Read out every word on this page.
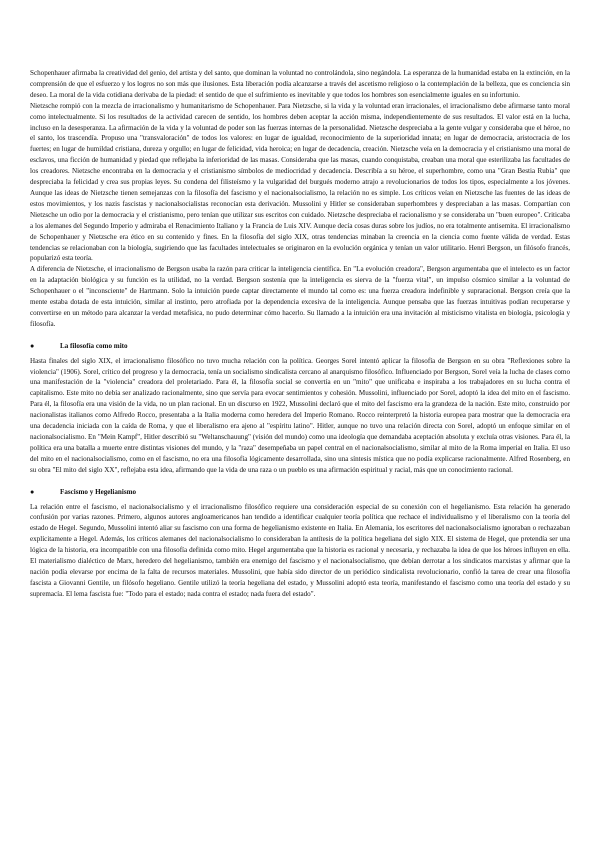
Schopenhauer afirmaba la creatividad del genio, del artista y del santo, que dominan la voluntad no controlándola, sino negándola. La esperanza de la humanidad estaba en la extinción, en la comprensión de que el esfuerzo y los logros no son más que ilusiones. Esta liberación podía alcanzarse a través del ascetismo religioso o la contemplación de la belleza, que es conciencia sin deseo. La moral de la vida cotidiana derivaba de la piedad: el sentido de que el sufrimiento es inevitable y que todos los hombres son esencialmente iguales en su infortunio.

Nietzsche rompió con la mezcla de irracionalismo y humanitarismo de Schopenhauer. Para Nietzsche, si la vida y la voluntad eran irracionales, el irracionalismo debe afirmarse tanto moral como intelectualmente. Si los resultados de la actividad carecen de sentido, los hombres deben aceptar la acción misma, independientemente de sus resultados. El valor está en la lucha, incluso en la desesperanza. La afirmación de la vida y la voluntad de poder son las fuerzas internas de la personalidad. Nietzsche despreciaba a la gente vulgar y consideraba que el héroe, no el santo, los trascendía. Propuso una "transvaloración" de todos los valores: en lugar de igualdad, reconocimiento de la superioridad innata; en lugar de democracia, aristocracia de los fuertes; en lugar de humildad cristiana, dureza y orgullo; en lugar de felicidad, vida heroica; en lugar de decadencia, creación. Nietzsche veía en la democracia y el cristianismo una moral de esclavos, una ficción de humanidad y piedad que reflejaba la inferioridad de las masas. Consideraba que las masas, cuando conquistaba, creaban una moral que esterilizaba las facultades de los creadores. Nietzsche encontraba en la democracia y el cristianismo símbolos de mediocridad y decadencia. Describía a su héroe, el superhombre, como una "Gran Bestia Rubia" que despreciaba la felicidad y crea sus propias leyes. Su condena del filisteísmo y la vulgaridad del burgués moderno atrajo a revolucionarios de todos los tipos, especialmente a los jóvenes. Aunque las ideas de Nietzsche tienen semejanzas con la filosofía del fascismo y el nacionalsocialismo, la relación no es simple. Los críticos veían en Nietzsche las fuentes de las ideas de estos movimientos, y los nazis fascistas y nacionalsocialistas reconocían esta derivación. Mussolini y Hitler se consideraban superhombres y despreciaban a las masas. Compartían con Nietzsche un odio por la democracia y el cristianismo, pero tenían que utilizar sus escritos con cuidado. Nietzsche despreciaba el racionalismo y se consideraba un "buen europeo". Criticaba a los alemanes del Segundo Imperio y admiraba el Renacimiento Italiano y la Francia de Luis XIV. Aunque decía cosas duras sobre los judíos, no era totalmente antisemita. El irracionalismo de Schopenhauer y Nietzsche era ético en su contenido y fines. En la filosofía del siglo XIX, otras tendencias minaban la creencia en la ciencia como fuente válida de verdad. Estas tendencias se relacionaban con la biología, sugiriendo que las facultades intelectuales se originaron en la evolución orgánica y tenían un valor utilitario. Henri Bergson, un filósofo francés, popularizó esta teoría.

A diferencia de Nietzsche, el irracionalismo de Bergson usaba la razón para criticar la inteligencia científica. En "La evolución creadora", Bergson argumentaba que el intelecto es un factor en la adaptación biológica y su función es la utilidad, no la verdad. Bergson sostenía que la inteligencia es sierva de la "fuerza vital", un impulso cósmico similar a la voluntad de Schopenhauer o el "inconsciente" de Hartmann. Solo la intuición puede captar directamente el mundo tal como es: una fuerza creadora indefinible y supraracional. Bergson creía que la mente estaba dotada de esta intuición, similar al instinto, pero atrofiada por la dependencia excesiva de la inteligencia. Aunque pensaba que las fuerzas intuitivas podían recuperarse y convertirse en un método para alcanzar la verdad metafísica, no pudo determinar cómo hacerlo. Su llamado a la intuición era una invitación al misticismo vitalista en biología, psicología y filosofía.

●	La filosofía como mito

Hasta finales del siglo XIX, el irracionalismo filosófico no tuvo mucha relación con la política. Georges Sorel intentó aplicar la filosofía de Bergson en su obra "Reflexiones sobre la violencia" (1906). Sorel, crítico del progreso y la democracia, tenía un socialismo sindicalista cercano al anarquismo filosófico. Influenciado por Bergson, Sorel veía la lucha de clases como una manifestación de la "violencia" creadora del proletariado. Para él, la filosofía social se convertía en un "mito" que unificaba e inspiraba a los trabajadores en su lucha contra el capitalismo. Este mito no debía ser analizado racionalmente, sino que servía para evocar sentimientos y cohesión. Mussolini, influenciado por Sorel, adoptó la idea del mito en el fascismo. Para él, la filosofía era una visión de la vida, no un plan racional. En un discurso en 1922, Mussolini declaró que el mito del fascismo era la grandeza de la nación. Este mito, construido por nacionalistas italianos como Alfredo Rocco, presentaba a la Italia moderna como heredera del Imperio Romano. Rocco reinterpretó la historia europea para mostrar que la democracia era una decadencia iniciada con la caída de Roma, y que el liberalismo era ajeno al "espíritu latino". Hitler, aunque no tuvo una relación directa con Sorel, adoptó un enfoque similar en el nacionalsocialismo. En "Mein Kampf", Hitler describió su "Weltanschauung" (visión del mundo) como una ideología que demandaba aceptación absoluta y excluía otras visiones. Para él, la política era una batalla a muerte entre distintas visiones del mundo, y la "raza" desempeñaba un papel central en el nacionalsocialismo, similar al mito de la Roma imperial en Italia. El uso del mito en el nacionalsocialismo, como en el fascismo, no era una filosofía lógicamente desarrollada, sino una síntesis mística que no podía explicarse racionalmente. Alfred Rosenberg, en su obra "El mito del siglo XX", reflejaba esta idea, afirmando que la vida de una raza o un pueblo es una afirmación espiritual y racial, más que un conocimiento racional.

●	Fascismo y Hegelianismo

La relación entre el fascismo, el nacionalsocialismo y el irracionalismo filosófico requiere una consideración especial de su conexión con el hegelianismo. Esta relación ha generado confusión por varias razones. Primero, algunos autores angloamericanos han tendido a identificar cualquier teoría política que rechace el individualismo y el liberalismo con la teoría del estado de Hegel. Segundo, Mussolini intentó aliar su fascismo con una forma de hegelianismo existente en Italia. En Alemania, los escritores del nacionalsocialismo ignoraban o rechazaban explícitamente a Hegel. Además, los críticos alemanes del nacionalsocialismo lo consideraban la antítesis de la política hegeliana del siglo XIX. El sistema de Hegel, que pretendía ser una lógica de la historia, era incompatible con una filosofía definida como mito. Hegel argumentaba que la historia es racional y necesaria, y rechazaba la idea de que los héroes influyen en ella. El materialismo dialéctico de Marx, heredero del hegelianismo, también era enemigo del fascismo y el nacionalsocialismo, que debían derrotar a los sindicatos marxistas y afirmar que la nación podía elevarse por encima de la falta de recursos materiales. Mussolini, que había sido director de un periódico sindicalista revolucionario, confió la tarea de crear una filosofía fascista a Giovanni Gentile, un filósofo hegeliano. Gentile utilizó la teoría hegeliana del estado, y Mussolini adoptó esta teoría, manifestando el fascismo como una teoría del estado y su supremacía. El lema fascista fue: "Todo para el estado; nada contra el estado; nada fuera del estado".
